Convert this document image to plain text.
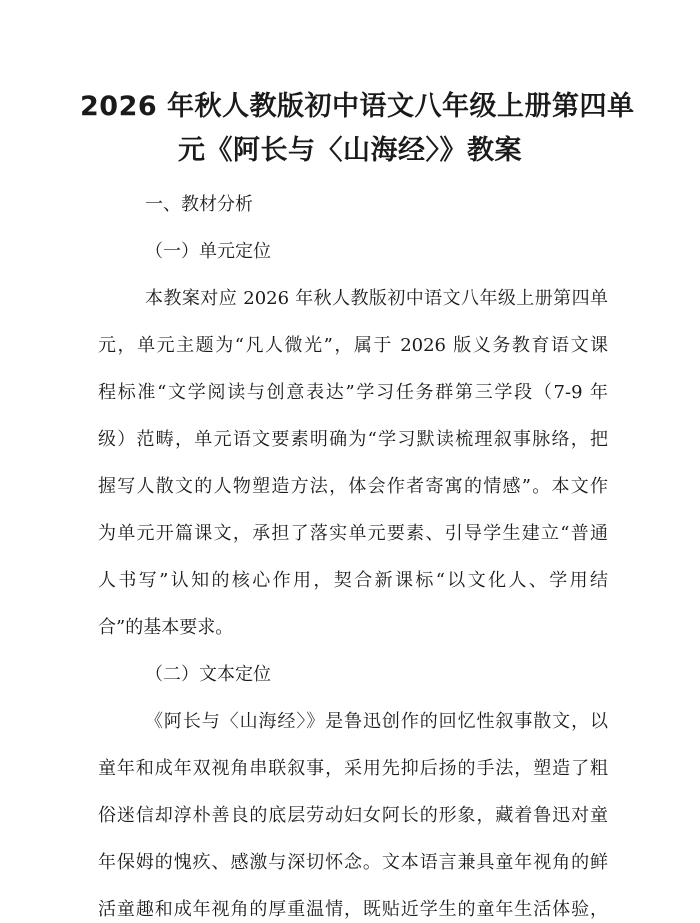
2026 年秋人教版初中语文八年级上册第四单
元《阿长与〈山海经〉》教案
一、教材分析
（一）单元定位
本教案对应 2026 年秋人教版初中语文八年级上册第四单
元，单元主题为“凡人微光”，属于 2026 版义务教育语文课
程标准“文学阅读与创意表达”学习任务群第三学段（7-9 年
级）范畴，单元语文要素明确为“学习默读梳理叙事脉络，把
握写人散文的人物塑造方法，体会作者寄寓的情感”。本文作
为单元开篇课文，承担了落实单元要素、引导学生建立“普通
人书写”认知的核心作用，契合新课标“以文化人、学用结
合”的基本要求。
（二）文本定位
《阿长与〈山海经〉》是鲁迅创作的回忆性叙事散文，以
童年和成年双视角串联叙事，采用先抑后扬的手法，塑造了粗
俗迷信却淳朴善良的底层劳动妇女阿长的形象，藏着鲁迅对童
年保姆的愧疚、感激与深切怀念。文本语言兼具童年视角的鲜
活童趣和成年视角的厚重温情，既贴近学生的童年生活体验，
